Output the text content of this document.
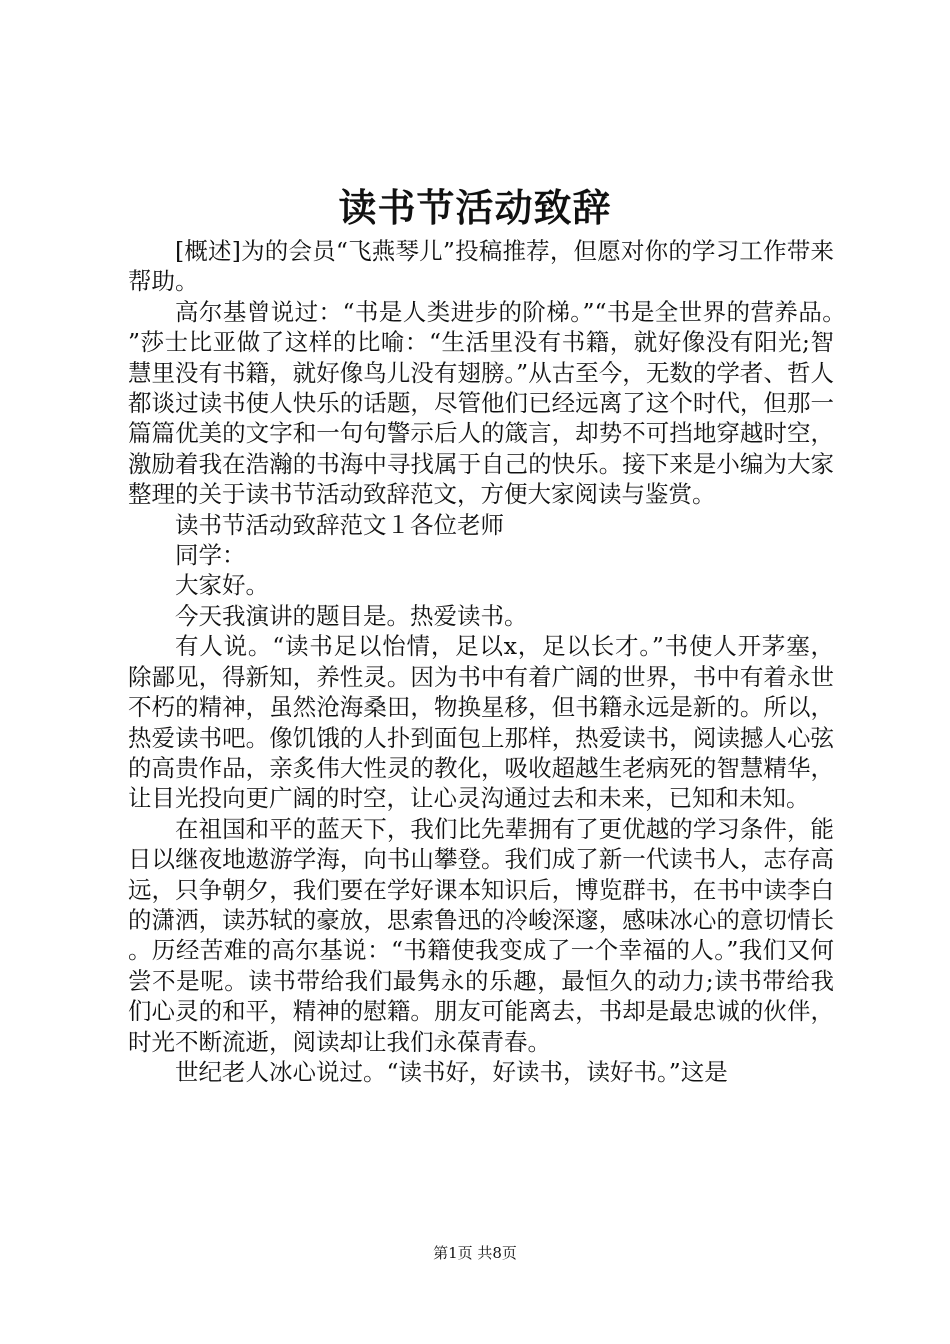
读书节活动致辞

[概述]为的会员“飞燕琴儿”投稿推荐，但愿对你的学习工作带来帮助。

高尔基曾说过：“书是人类进步的阶梯。”“书是全世界的营养品。”莎士比亚做了这样的比喻：“生活里没有书籍，就好像没有阳光;智慧里没有书籍，就好像鸟儿没有翅膀。”从古至今，无数的学者、哲人都谈过读书使人快乐的话题，尽管他们已经远离了这个时代，但那一篇篇优美的文字和一句句警示后人的箴言，却势不可挡地穿越时空，激励着我在浩瀚的书海中寻找属于自己的快乐。接下来是小编为大家整理的关于读书节活动致辞范文，方便大家阅读与鉴赏。

读书节活动致辞范文１各位老师

同学：

大家好。

今天我演讲的题目是。热爱读书。

有人说。“读书足以怡情，足以x，足以长才。”书使人开茅塞，除鄙见，得新知，养性灵。因为书中有着广阔的世界，书中有着永世不朽的精神，虽然沧海桑田，物换星移，但书籍永远是新的。所以，热爱读书吧。像饥饿的人扑到面包上那样，热爱读书，阅读撼人心弦的高贵作品，亲炙伟大性灵的教化，吸收超越生老病死的智慧精华，让目光投向更广阔的时空，让心灵沟通过去和未来，已知和未知。

在祖国和平的蓝天下，我们比先辈拥有了更优越的学习条件，能日以继夜地遨游学海，向书山攀登。我们成了新一代读书人，志存高远，只争朝夕，我们要在学好课本知识后，博览群书，在书中读李白的潇洒，读苏轼的豪放，思索鲁迅的冷峻深邃，感味冰心的意切情长。历经苦难的高尔基说：“书籍使我变成了一个幸福的人。”我们又何尝不是呢。读书带给我们最隽永的乐趣，最恒久的动力;读书带给我们心灵的和平，精神的慰籍。朋友可能离去，书却是最忠诚的伙伴，时光不断流逝，阅读却让我们永葆青春。

世纪老人冰心说过。“读书好，好读书，读好书。”这是

第1页 共8页
